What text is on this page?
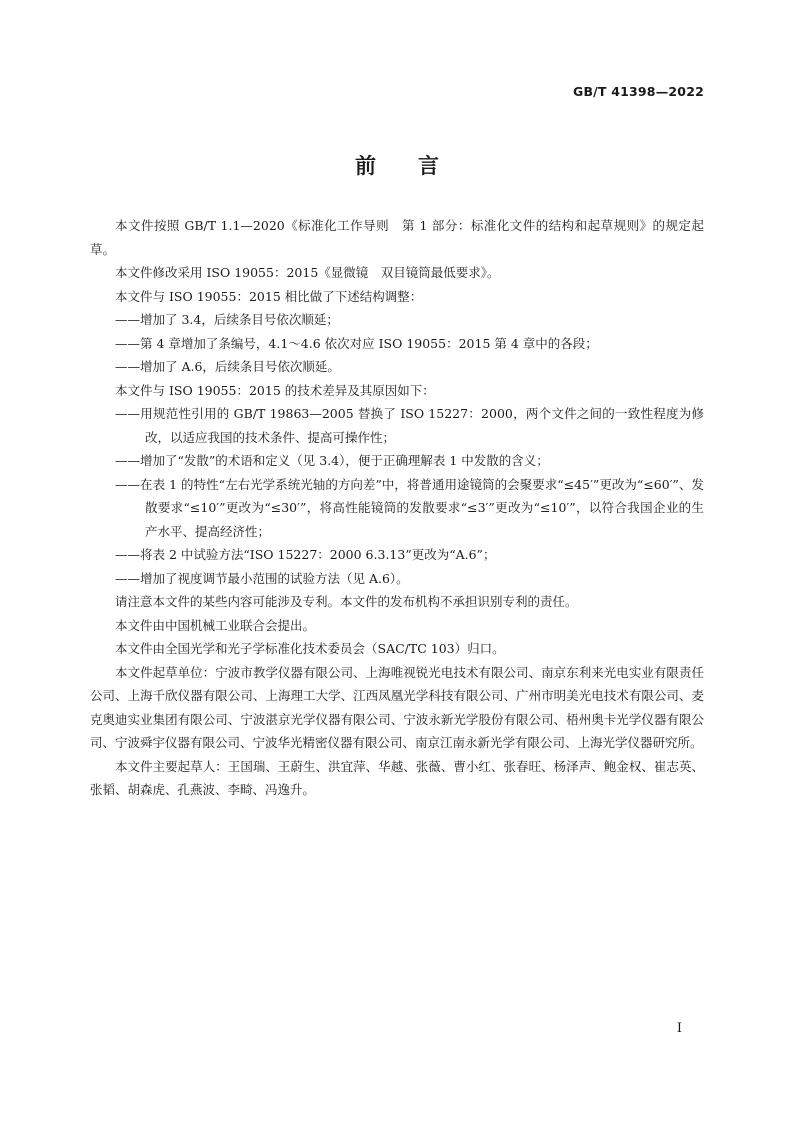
GB/T 41398—2022
前言

本文件按照 GB/T 1.1—2020《标准化工作导则　第 1 部分：标准化文件的结构和起草规则》的规定起草。

本文件修改采用 ISO 19055：2015《显微镜　双目镜筒最低要求》。

本文件与 ISO 19055：2015 相比做了下述结构调整：

——增加了 3.4，后续条目号依次顺延；

——第 4 章增加了条编号，4.1～4.6 依次对应 ISO 19055：2015 第 4 章中的各段；

——增加了 A.6，后续条目号依次顺延。

本文件与 ISO 19055：2015 的技术差异及其原因如下：

——用规范性引用的 GB/T 19863—2005 替换了 ISO 15227：2000，两个文件之间的一致性程度为修改，以适应我国的技术条件、提高可操作性；

——增加了“发散”的术语和定义（见 3.4），便于正确理解表 1 中发散的含义；

——在表 1 的特性“左右光学系统光轴的方向差”中，将普通用途镜筒的会聚要求“≤45′”更改为“≤60′”、发散要求“≤10′”更改为“≤30′”，将高性能镜筒的发散要求“≤3′”更改为“≤10′”，以符合我国企业的生产水平、提高经济性；

——将表 2 中试验方法“ISO 15227：2000 6.3.13”更改为“A.6”；

——增加了视度调节最小范围的试验方法（见 A.6）。

请注意本文件的某些内容可能涉及专利。本文件的发布机构不承担识别专利的责任。

本文件由中国机械工业联合会提出。

本文件由全国光学和光子学标准化技术委员会（SAC/TC 103）归口。

本文件起草单位：宁波市教学仪器有限公司、上海唯视锐光电技术有限公司、南京东利来光电实业有限责任公司、上海千欣仪器有限公司、上海理工大学、江西凤凰光学科技有限公司、广州市明美光电技术有限公司、麦克奥迪实业集团有限公司、宁波湛京光学仪器有限公司、宁波永新光学股份有限公司、梧州奥卡光学仪器有限公司、宁波舜宇仪器有限公司、宁波华光精密仪器有限公司、南京江南永新光学有限公司、上海光学仪器研究所。

本文件主要起草人：王国瑞、王蔚生、洪宜萍、华越、张薇、曹小红、张春旺、杨泽声、鲍金权、崔志英、张韬、胡森虎、孔燕波、李畸、冯逸升。

I
